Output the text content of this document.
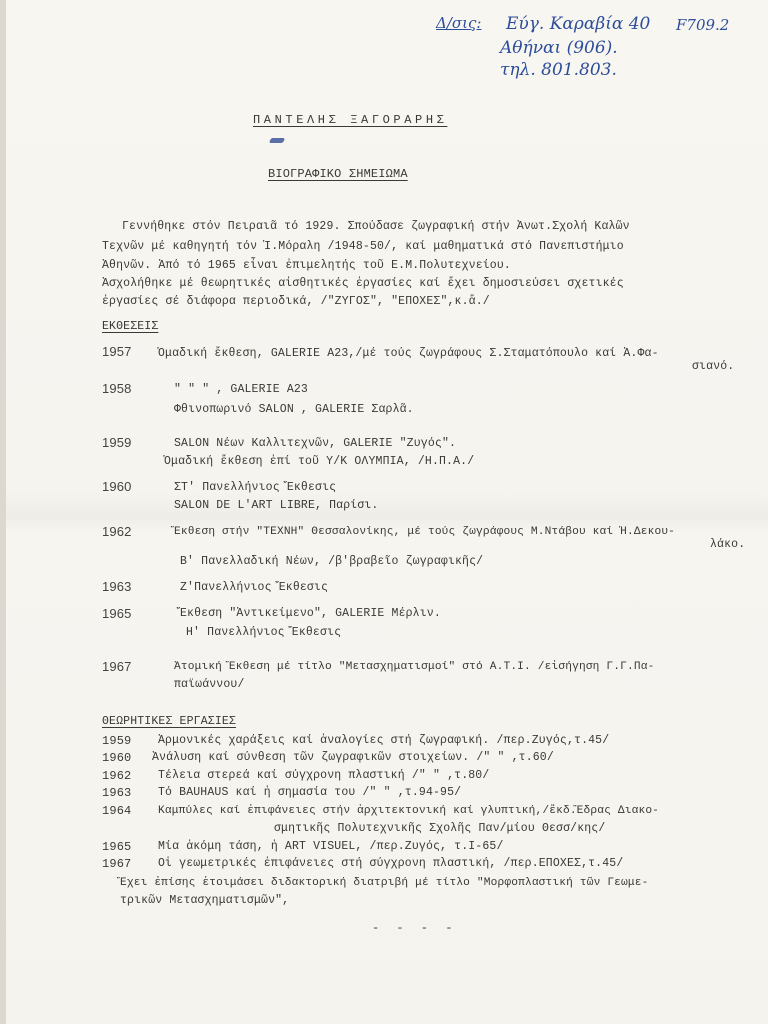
Δ/σις: Εύγ. Καραβία 40 F709.2
Αθήναι (906).
τηλ. 801.803.
ΠΑΝΤΕΛΗΣ ΞΑΓΟΡΑΡΗΣ
ΒΙΟΓΡΑΦΙΚΟ ΣΗΜΕΙΩΜΑ
Γεννήθηκε στόν Πειραιᾶ τό 1929. Σπούδασε ζωγραφική στήν Ἀνωτ.Σχολή Καλῶν
Τεχνῶν μέ καθηγητή τόν Ἰ.Μόραλη /1948-50/, καί μαθηματικά στό Πανεπιστήμιο
Ἀθηνῶν. Ἀπό τό 1965 εἶναι ἐπιμελητής τοῦ Ε.Μ.Πολυτεχνείου.
Ἀσχολήθηκε μέ θεωρητικές αἰσθητικές ἐργασίες καί ἔχει δημοσιεύσει σχετικές
ἐργασίες σέ διάφορα περιοδικά, /"ΖΥΓΟΣ", "ΕΠΟΧΕΣ",κ.ἄ./
ΕΚΘΕΣΕΙΣ
1957 Ὁμαδική ἔκθεση, GALERIE A23,/μέ τούς ζωγράφους Σ.Σταματόπουλο καί Ἀ.Φα-
σιανό.
1958	" " " , GALERIE A23
Φθινοπωρινό SALON , GALERIE Σαρλᾶ.
1959	SALON Νέων Καλλιτεχνῶν, GALERIE "Ζυγός".
Ὁμαδική ἔκθεση ἐπί τοῦ Υ/Κ ΟΛΥΜΠΙΑ, /Η.Π.Α./
1960	ΣΤ' Πανελλήνιος Ἔκθεσις
SALON DE L'ART LIBRE, Παρίσι.
1962	Ἔκθεση στήν "ΤΕΧΝΗ" Θεσσαλονίκης, μέ τούς ζωγράφους Μ.Ντάβου καί Ἠ.Δεκου-
λάκο.
Β' Πανελλαδική Νέων, /β'βραβεῖο ζωγραφικῆς/
1963	Ζ'Πανελλήνιος Ἔκθεσις
1965	Ἔκθεση "Ἀντικείμενο", GALERIE Μέρλιν.
Η' Πανελλήνιος Ἔκθεσις
1967	Ἀτομική Ἔκθεση μέ τίτλο "Μετασχηματισμοί" στό Α.Τ.Ι. /εἰσήγηση Γ.Γ.Πα-
παϊωάννου/
ΘΕΩΡΗΤΙΚΕΣ ΕΡΓΑΣΙΕΣ
1959 Ἁρμονικές χαράξεις καί ἀναλογίες στή ζωγραφική. /περ.Ζυγός,τ.45/
1960 Ἀνάλυση καί σύνθεση τῶν ζωγραφικῶν στοιχείων. /" " ,τ.60/
1962 Τέλεια στερεά καί σύγχρονη πλαστική /" " ,τ.80/
1963 Τό BAUHAUS καί ἡ σημασία του /" " ,τ.94-95/
1964 Καμπύλες καί ἐπιφάνειες στήν ἀρχιτεκτονική καί γλυπτική,/ἔκδ.Ἕδρας Διακο-
σμητικῆς Πολυτεχνικῆς Σχολῆς Παν/μίου Θεσσ/κης/
1965 Μία ἀκόμη τάση, ἡ ART VISUEL, /περ.Ζυγός, τ.Ι-65/
1967 Οἱ γεωμετρικές ἐπιφάνειες στή σύγχρονη πλαστική, /περ.ΕΠΟΧΕΣ,τ.45/
Ἔχει ἐπίσης ἑτοιμάσει διδακτορική διατριβή μέ τίτλο "Μορφοπλαστική τῶν Γεωμε-
τρικῶν Μετασχηματισμῶν",
- - - -
